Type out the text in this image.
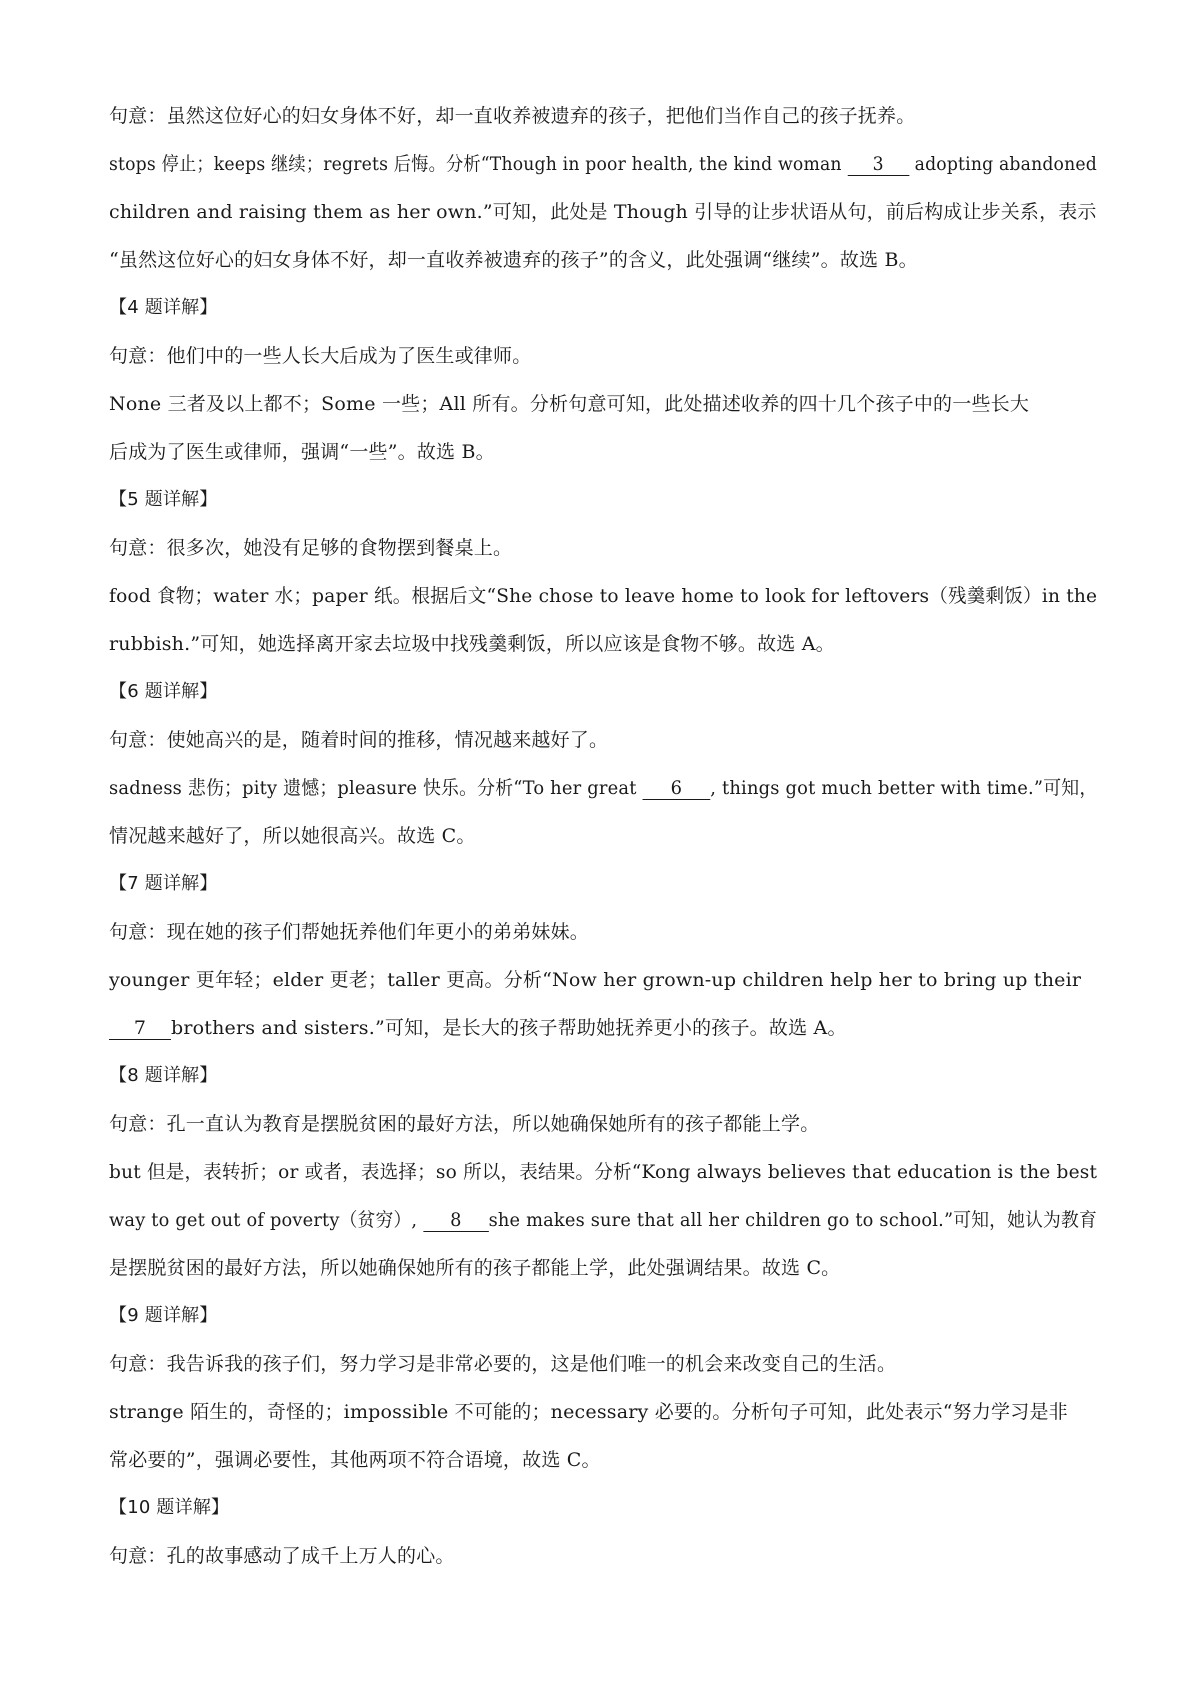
句意：虽然这位好心的妇女身体不好，却一直收养被遗弃的孩子，把他们当作自己的孩子抚养。
stops 停止；keeps 继续；regrets 后悔。分析“Though in poor health, the kind woman 3 adopting abandoned
children and raising them as her own.”可知，此处是 Though 引导的让步状语从句，前后构成让步关系，表示
“虽然这位好心的妇女身体不好，却一直收养被遗弃的孩子”的含义，此处强调“继续”。故选 B。
【4 题详解】
句意：他们中的一些人长大后成为了医生或律师。
None 三者及以上都不；Some 一些；All 所有。分析句意可知，此处描述收养的四十几个孩子中的一些长大
后成为了医生或律师，强调“一些”。故选 B。
【5 题详解】
句意：很多次，她没有足够的食物摆到餐桌上。
food 食物；water 水；paper 纸。根据后文“She chose to leave home to look for leftovers（残羹剩饭）in the
rubbish.”可知，她选择离开家去垃圾中找残羹剩饭，所以应该是食物不够。故选 A。
【6 题详解】
句意：使她高兴的是，随着时间的推移，情况越来越好了。
sadness 悲伤；pity 遗憾；pleasure 快乐。分析“To her great 6 , things got much better with time.”可知，
情况越来越好了，所以她很高兴。故选 C。
【7 题详解】
句意：现在她的孩子们帮她抚养他们年更小的弟弟妹妹。
younger 更年轻；elder 更老；taller 更高。分析“Now her grown-up children help her to bring up their
7 brothers and sisters.”可知，是长大的孩子帮助她抚养更小的孩子。故选 A。
【8 题详解】
句意：孔一直认为教育是摆脱贫困的最好方法，所以她确保她所有的孩子都能上学。
but 但是，表转折；or 或者，表选择；so 所以，表结果。分析“Kong always believes that education is the best
way to get out of poverty（贫穷）, 8 she makes sure that all her children go to school.”可知，她认为教育
是摆脱贫困的最好方法，所以她确保她所有的孩子都能上学，此处强调结果。故选 C。
【9 题详解】
句意：我告诉我的孩子们，努力学习是非常必要的，这是他们唯一的机会来改变自己的生活。
strange 陌生的，奇怪的；impossible 不可能的；necessary 必要的。分析句子可知，此处表示“努力学习是非
常必要的”，强调必要性，其他两项不符合语境，故选 C。
【10 题详解】
句意：孔的故事感动了成千上万人的心。
